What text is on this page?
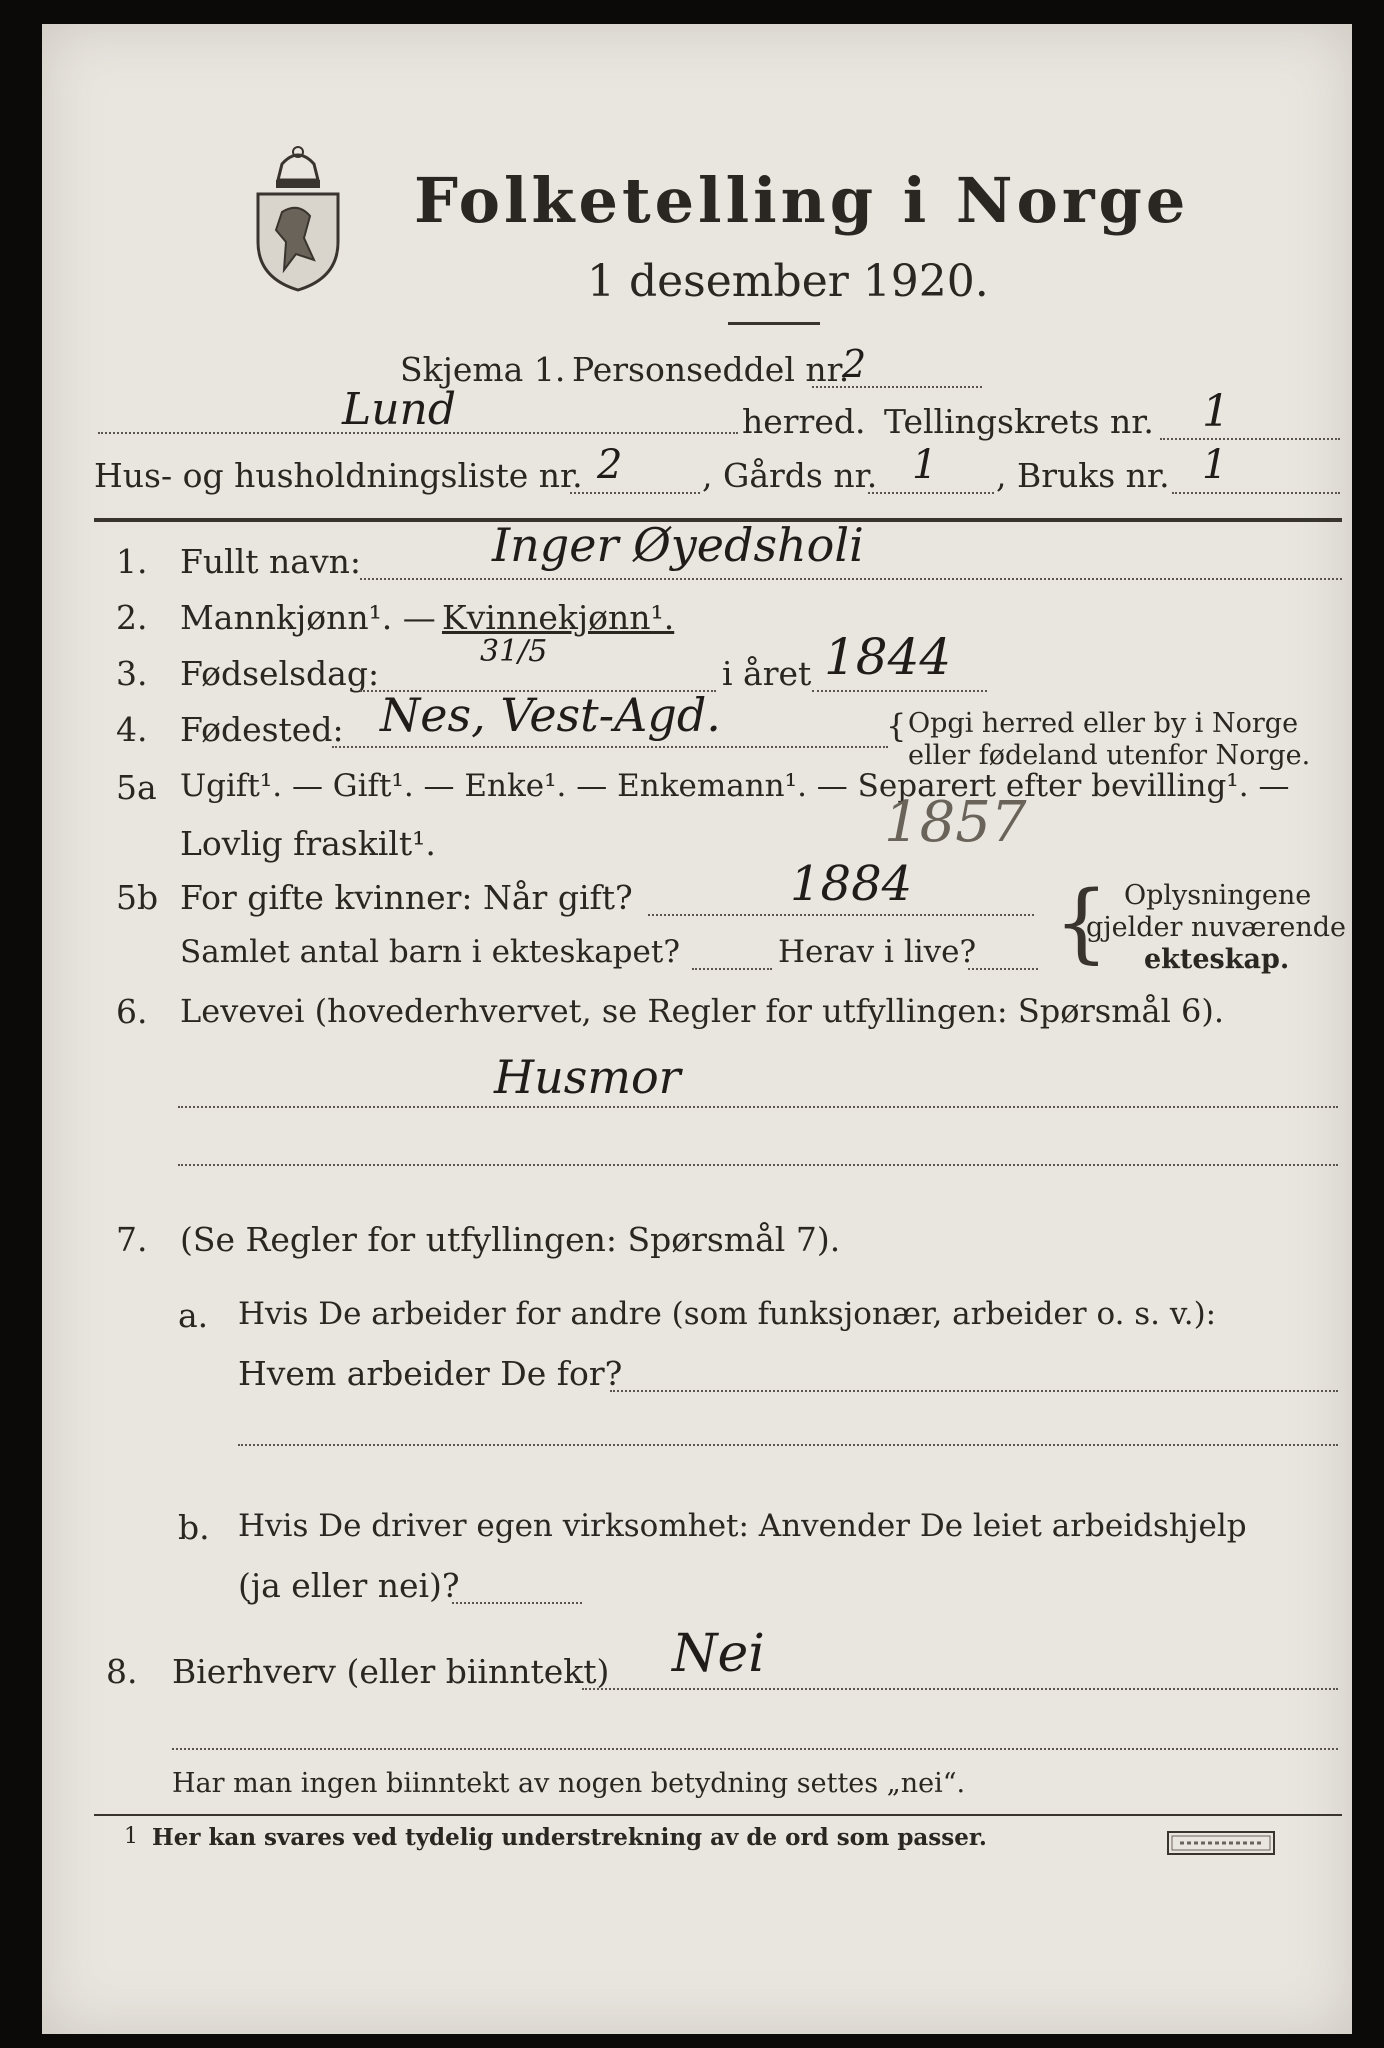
Folketelling i Norge
1 desember 1920.
Skjema 1. Personseddel nr.
2
Lund	herred. Tellingskrets nr. 1
Hus- og husholdningsliste nr. 2 , Gårds nr. 1 , Bruks nr. 1
1. Fullt navn:	Inger Øyedsholi
2. Mannkjønn¹. — Kvinnekjønn¹.
3. Fødselsdag:
31/5
i året 1844
4. Fødested: Nes, Vest-Agd.	{ Opgi herred eller by i Norge
eller fødeland utenfor Norge.
5a Ugift¹. — Gift¹. — Enke¹. — Enkemann¹. — Separert efter bevilling¹. —
Lovlig fraskilt¹.	1857
5b For gifte kvinner: Når gift?	1884
Samlet antal barn i ekteskapet?	Herav i live? { Oplysningene
gjelder nuværende
ekteskap.
6. Levevei (hovederhvervet, se Regler for utfyllingen: Spørsmål 6).
Husmor
7. (Se Regler for utfyllingen: Spørsmål 7).
a. Hvis De arbeider for andre (som funksjonær, arbeider o. s. v.):
Hvem arbeider De for?
b. Hvis De driver egen virksomhet: Anvender De leiet arbeidshjelp
(ja eller nei)?
8. Bierhverv (eller biinntekt) Nei
Har man ingen biinntekt av nogen betydning settes „nei“.
1 Her kan svares ved tydelig understrekning av de ord som passer.
